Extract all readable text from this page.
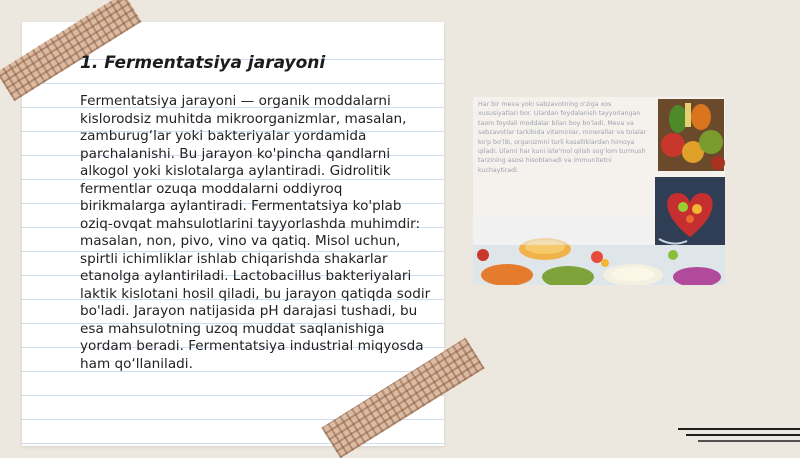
1. Fermentatsiya jarayoni

Fermentatsiya jarayoni — organik moddalarni kislorodsiz muhitda mikroorganizmlar, masalan, zamburug‘lar yoki bakteriyalar yordamida parchalanishi. Bu jarayon ko'pincha qandlarni alkogol yoki kislotalarga aylantiradi. Gidrolitik fermentlar ozuqa moddalarni oddiyroq birikmalarga aylantiradi. Fermentatsiya ko'plab oziq-ovqat mahsulotlarini tayyorlashda muhimdir: masalan, non, pivo, vino va qatiq. Misol uchun, spirtli ichimliklar ishlab chiqarishda shakarlar etanolga aylantiriladi. Lactobacillus bakteriyalari laktik kislotani hosil qiladi, bu jarayon qatiqda sodir bo'ladi. Jarayon natijasida pH darajasi tushadi, bu esa mahsulotning uzoq muddat saqlanishiga yordam beradi. Fermentatsiya industrial miqyosda ham qo‘llaniladi.

Har bir meva yoki sabzavotning o'ziga xos xususiyatlari bor. Ulardan foydalanish tayyorlangan taom foydali moddalar bilan boy bo'ladi. Meva va sabzavotlar tarkibida vitaminlar, minerallar va tolalar ko'p bo'lib, organizmni turli kasalliklardan himoya qiladi. Ularni har kuni iste'mol qilish sog'lom turmush tarzining asosi hisoblanadi va immunitetni kuchaytiradi.
